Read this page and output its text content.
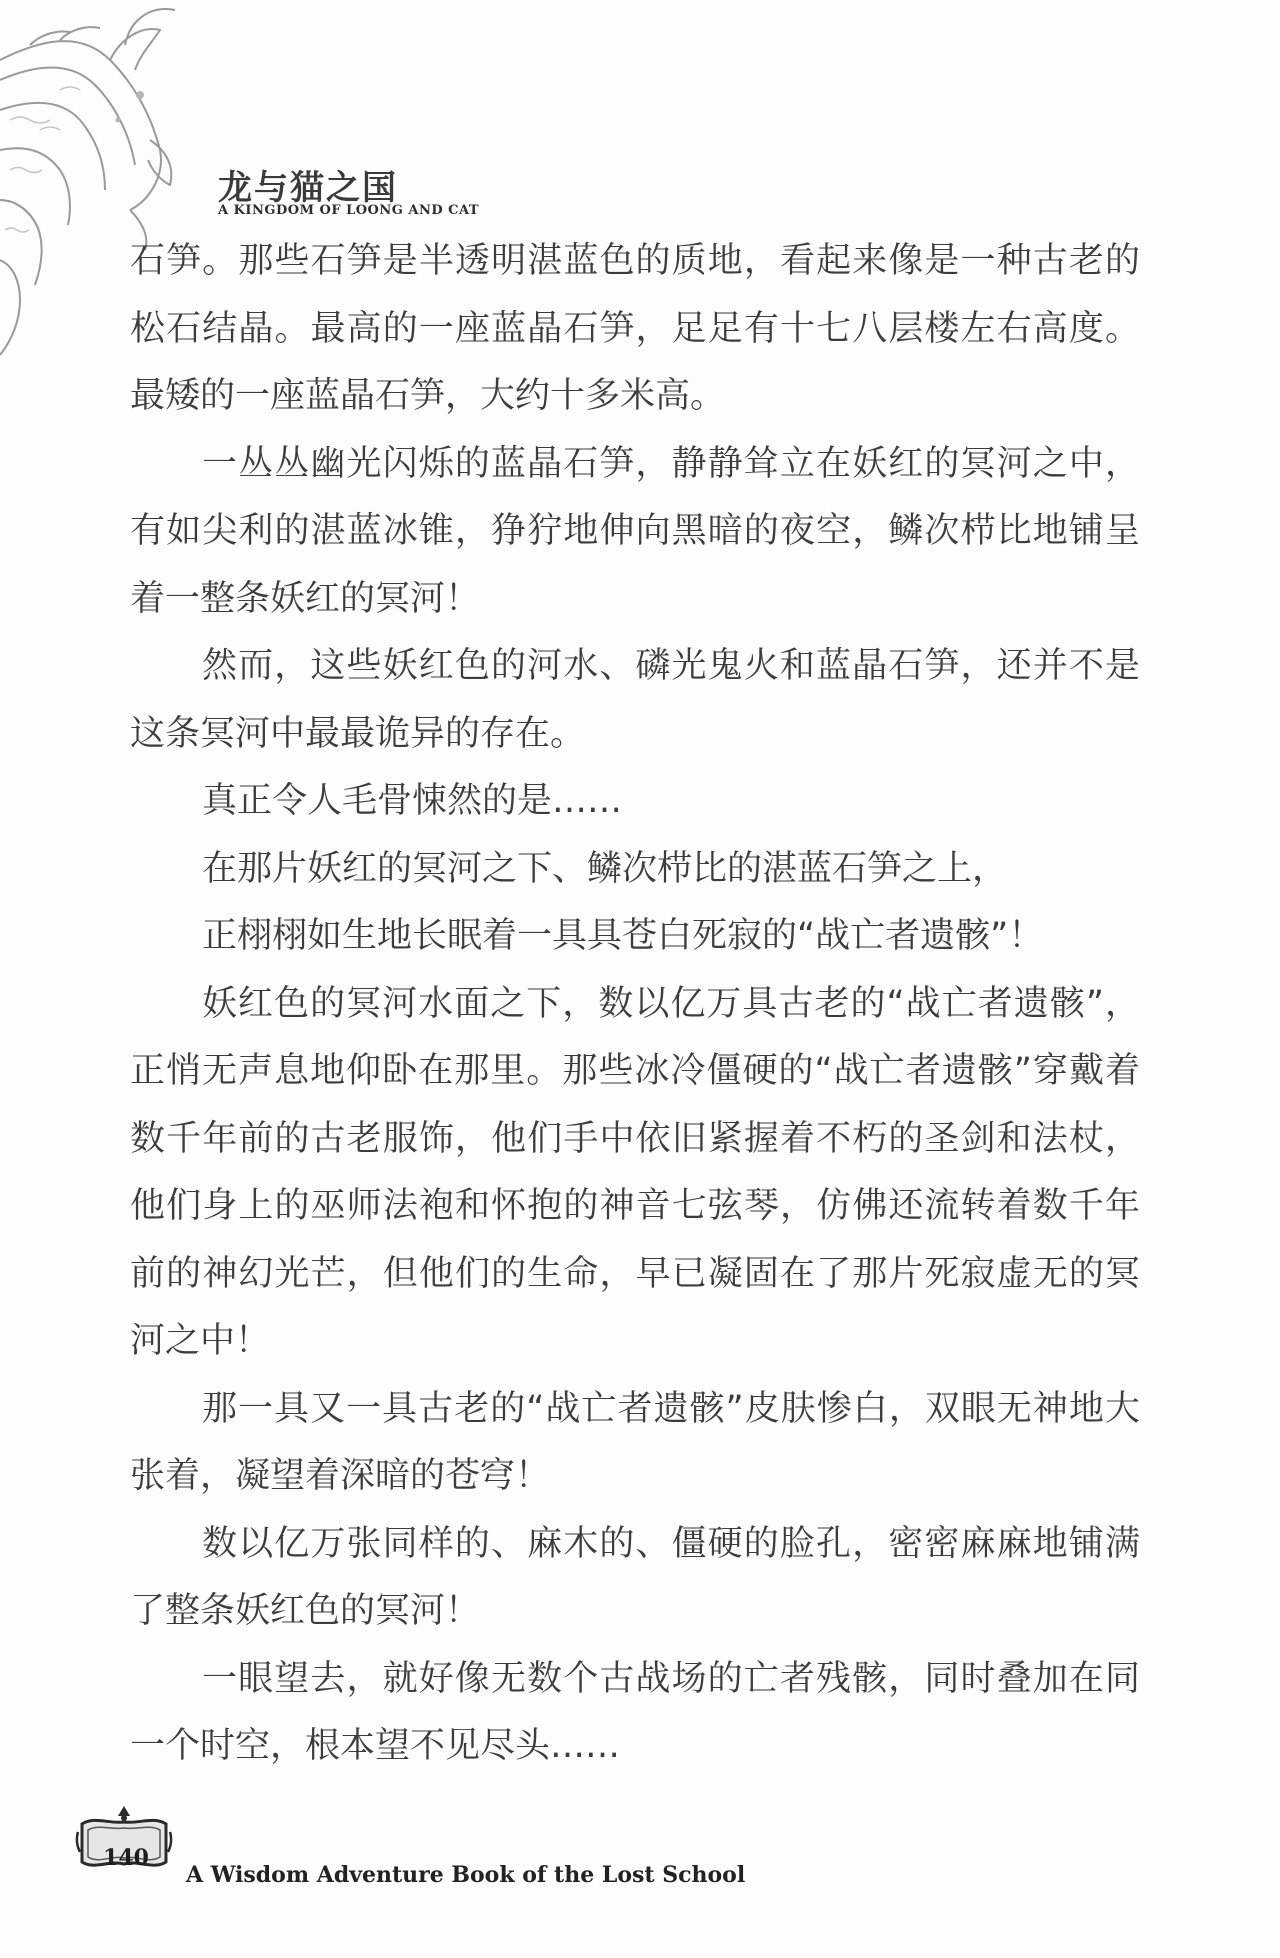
龙与猫之国
A KINGDOM OF LOONG AND CAT

石笋。那些石笋是半透明湛蓝色的质地，看起来像是一种古老的松石结晶。最高的一座蓝晶石笋，足足有十七八层楼左右高度。最矮的一座蓝晶石笋，大约十多米高。

一丛丛幽光闪烁的蓝晶石笋，静静耸立在妖红的冥河之中，有如尖利的湛蓝冰锥，狰狞地伸向黑暗的夜空，鳞次栉比地铺呈着一整条妖红的冥河！

然而，这些妖红色的河水、磷光鬼火和蓝晶石笋，还并不是这条冥河中最最诡异的存在。

真正令人毛骨悚然的是……

在那片妖红的冥河之下、鳞次栉比的湛蓝石笋之上，

正栩栩如生地长眠着一具具苍白死寂的“战亡者遗骸”！

妖红色的冥河水面之下，数以亿万具古老的“战亡者遗骸”，正悄无声息地仰卧在那里。那些冰冷僵硬的“战亡者遗骸”穿戴着数千年前的古老服饰，他们手中依旧紧握着不朽的圣剑和法杖，他们身上的巫师法袍和怀抱的神音七弦琴，仿佛还流转着数千年前的神幻光芒，但他们的生命，早已凝固在了那片死寂虚无的冥河之中！

那一具又一具古老的“战亡者遗骸”皮肤惨白，双眼无神地大张着，凝望着深暗的苍穹！

数以亿万张同样的、麻木的、僵硬的脸孔，密密麻麻地铺满了整条妖红色的冥河！

一眼望去，就好像无数个古战场的亡者残骸，同时叠加在同一个时空，根本望不见尽头……

140
A Wisdom Adventure Book of the Lost School
